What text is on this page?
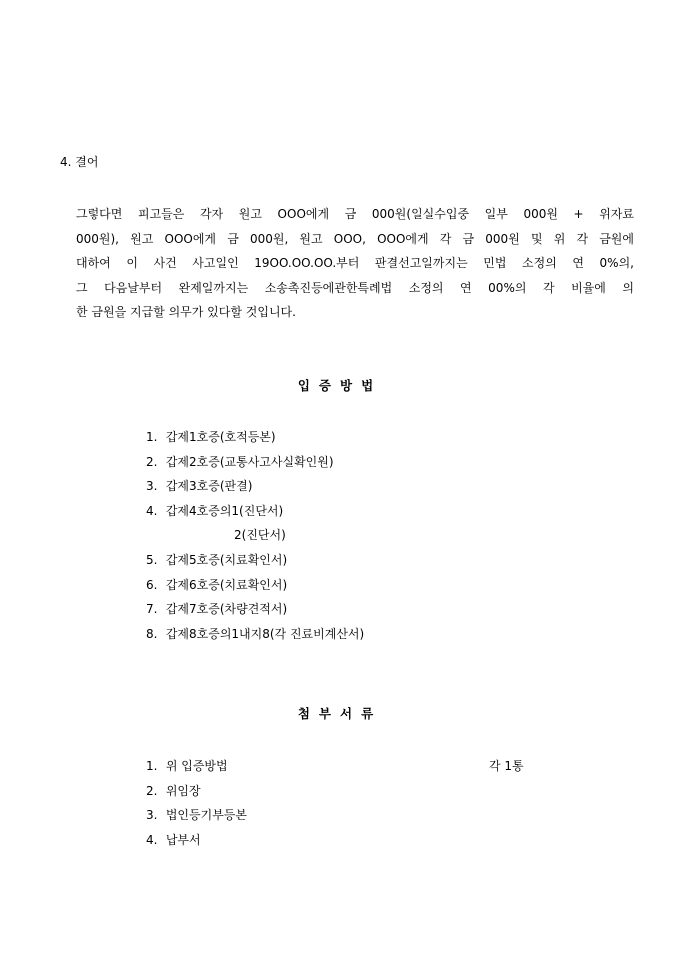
4. 결어
그렇다면 피고들은 각자 원고 OOO에게 금 000원(일실수입중 일부 000원 + 위자료
000원), 원고 OOO에게 금 000원, 원고 OOO, OOO에게 각 금 000원 및 위 각 금원에
대하여 이 사건 사고일인 19OO.OO.OO.부터 판결선고일까지는 민법 소정의 연 0%의,
그 다음날부터 완제일까지는 소송촉진등에관한특례법 소정의 연 00%의 각 비율에 의
한 금원을 지급할 의무가 있다할 것입니다.
입증방법
1. 갑제1호증(호적등본)
2. 갑제2호증(교통사고사실확인원)
3. 갑제3호증(판결)
4. 갑제4호증의1(진단서)
2(진단서)
5. 갑제5호증(치료확인서)
6. 갑제6호증(치료확인서)
7. 갑제7호증(차량견적서)
8. 갑제8호증의1내지8(각 진료비계산서)
첨부서류
1. 위 입증방법
2. 위임장
3. 법인등기부등본
4. 납부서
각 1통
